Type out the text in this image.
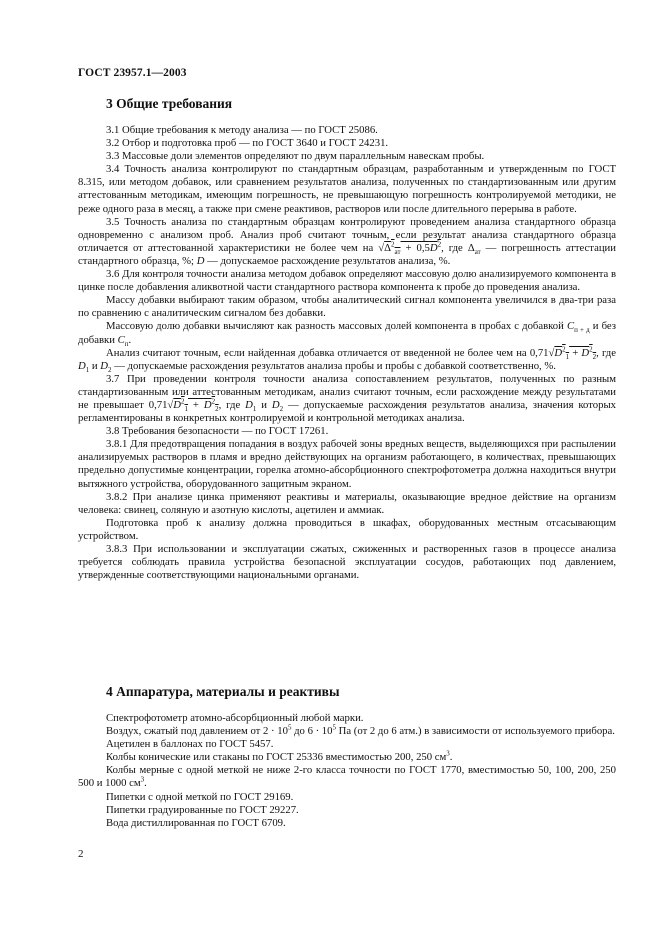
ГОСТ 23957.1—2003
3 Общие требования

3.1 Общие требования к методу анализа — по ГОСТ 25086.

3.2 Отбор и подготовка проб — по ГОСТ 3640 и ГОСТ 24231.

3.3 Массовые доли элементов определяют по двум параллельным навескам пробы.

3.4 Точность анализа контролируют по стандартным образцам, разработанным и утвержденным по ГОСТ 8.315, или методом добавок, или сравнением результатов анализа, полученных по стандартизованным или другим аттестованным методикам, имеющим погрешность, не превышающую погрешность контролируемой методики, не реже одного раза в месяц, а также при смене реактивов, растворов или после длительного перерыва в работе.

3.5 Точность анализа по стандартным образцам контролируют проведением анализа стандартного образца одновременно с анализом проб. Анализ проб считают точным, если результат анализа стандартного образца отличается от аттестованной характеристики не более чем на $√\Delta^2_{ат} + 0,5D^2$, где $\Delta_{ат}$ — погрешность аттестации стандартного образца, %; D — допускаемое расхождение результатов анализа, %.

3.6 Для контроля точности анализа методом добавок определяют массовую долю анализируемого компонента в цинке после добавления аликвотной части стандартного раствора компонента к пробе до проведения анализа.

Массу добавки выбирают таким образом, чтобы аналитический сигнал компонента увеличился в два-три раза по сравнению с аналитическим сигналом без добавки.

Массовую долю добавки вычисляют как разность массовых долей компонента в пробах с добавкой $C_{п + д}$ и без добавки $C_п$.

Анализ считают точным, если найденная добавка отличается от введенной не более чем на $0,71√D^2_1 + D^2_2$, где $D_1$ и $D_2$ — допускаемые расхождения результатов анализа пробы и пробы с добавкой соответственно, %.

3.7 При проведении контроля точности анализа сопоставлением результатов, полученных по разным стандартизованным или аттестованным методикам, анализ считают точным, если расхождение между результатами не превышает $0,71√D^2_1 + D^2_2$, где $D_1$ и $D_2$ — допускаемые расхождения результатов анализа, значения которых регламентированы в конкретных контролируемой и контрольной методиках анализа.

3.8 Требования безопасности — по ГОСТ 17261.

3.8.1 Для предотвращения попадания в воздух рабочей зоны вредных веществ, выделяющихся при распылении анализируемых растворов в пламя и вредно действующих на организм работающего, в количествах, превышающих предельно допустимые концентрации, горелка атомно-абсорбционного спектрофотометра должна находиться внутри вытяжного устройства, оборудованного защитным экраном.

3.8.2 При анализе цинка применяют реактивы и материалы, оказывающие вредное действие на организм человека: свинец, соляную и азотную кислоты, ацетилен и аммиак.

Подготовка проб к анализу должна проводиться в шкафах, оборудованных местным отсасывающим устройством.

3.8.3 При использовании и эксплуатации сжатых, сжиженных и растворенных газов в процессе анализа требуется соблюдать правила устройства безопасной эксплуатации сосудов, работающих под давлением, утвержденные соответствующими национальными органами.

4 Аппаратура, материалы и реактивы

Спектрофотометр атомно-абсорбционный любой марки.

Воздух, сжатый под давлением от $2 \cdot 10^5$ до $6 \cdot 10^5$ Па (от 2 до 6 атм.) в зависимости от используемого прибора.

Ацетилен в баллонах по ГОСТ 5457.

Колбы конические или стаканы по ГОСТ 25336 вместимостью 200, 250 $см^3$.

Колбы мерные с одной меткой не ниже 2-го класса точности по ГОСТ 1770, вместимостью 50, 100, 200, 250 500 и 1000 $см^3$.

Пипетки с одной меткой по ГОСТ 29169.

Пипетки градуированные по ГОСТ 29227.

Вода дистиллированная по ГОСТ 6709.

2
